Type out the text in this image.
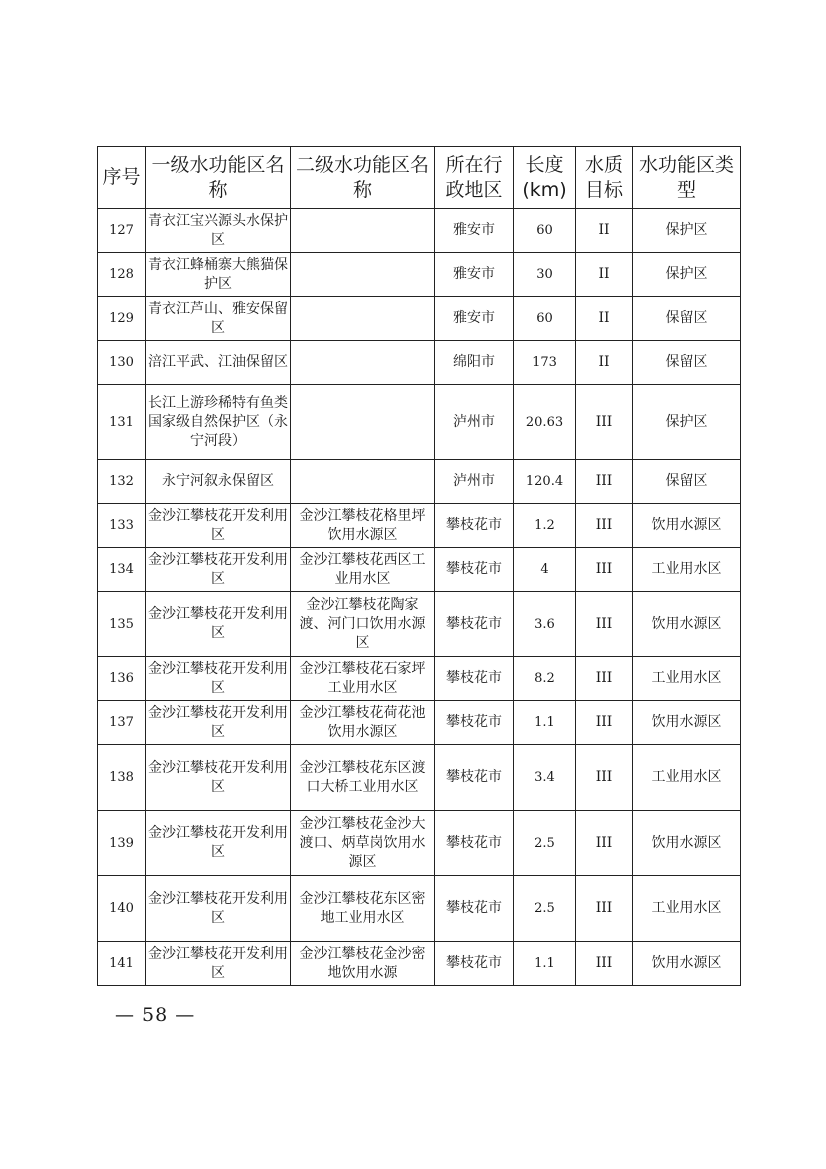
序号	一级水功能区名称	二级水功能区名称	所在行政地区	长度(km)	水质目标	水功能区类型
127	青衣江宝兴源头水保护区		雅安市	60	II	保护区
128	青衣江蜂桶寨大熊猫保护区		雅安市	30	II	保护区
129	青衣江芦山、雅安保留区		雅安市	60	II	保留区
130	涪江平武、江油保留区		绵阳市	173	II	保留区
131	长江上游珍稀特有鱼类国家级自然保护区（永宁河段）		泸州市	20.63	III	保护区
132	永宁河叙永保留区		泸州市	120.4	III	保留区
133	金沙江攀枝花开发利用区	金沙江攀枝花格里坪饮用水源区	攀枝花市	1.2	III	饮用水源区
134	金沙江攀枝花开发利用区	金沙江攀枝花西区工业用水区	攀枝花市	4	III	工业用水区
135	金沙江攀枝花开发利用区	金沙江攀枝花陶家渡、河门口饮用水源区	攀枝花市	3.6	III	饮用水源区
136	金沙江攀枝花开发利用区	金沙江攀枝花石家坪工业用水区	攀枝花市	8.2	III	工业用水区
137	金沙江攀枝花开发利用区	金沙江攀枝花荷花池饮用水源区	攀枝花市	1.1	III	饮用水源区
138	金沙江攀枝花开发利用区	金沙江攀枝花东区渡口大桥工业用水区	攀枝花市	3.4	III	工业用水区
139	金沙江攀枝花开发利用区	金沙江攀枝花金沙大渡口、炳草岗饮用水源区	攀枝花市	2.5	III	饮用水源区
140	金沙江攀枝花开发利用区	金沙江攀枝花东区密地工业用水区	攀枝花市	2.5	III	工业用水区
141	金沙江攀枝花开发利用区	金沙江攀枝花金沙密地饮用水源	攀枝花市	1.1	III	饮用水源区
— 58 —
